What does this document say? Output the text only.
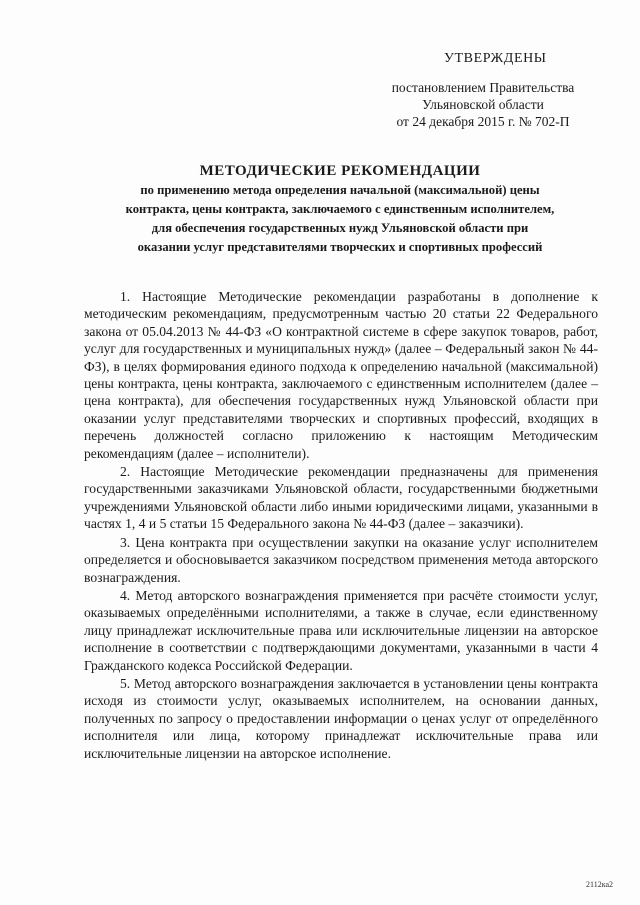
УТВЕРЖДЕНЫ
постановлением Правительства
Ульяновской области
от 24 декабря 2015 г. № 702-П
МЕТОДИЧЕСКИЕ РЕКОМЕНДАЦИИ
по применению метода определения начальной (максимальной) цены
контракта, цены контракта, заключаемого с единственным исполнителем,
для обеспечения государственных нужд Ульяновской области при
оказании услуг представителями творческих и спортивных профессий

1. Настоящие Методические рекомендации разработаны в дополнение к методическим рекомендациям, предусмотренным частью 20 статьи 22 Федерального закона от 05.04.2013 № 44-ФЗ «О контрактной системе в сфере закупок товаров, работ, услуг для государственных и муниципальных нужд» (далее – Федеральный закон № 44-ФЗ), в целях формирования единого подхода к определению начальной (максимальной) цены контракта, цены контракта, заключаемого с единственным исполнителем (далее – цена контракта), для обеспечения государственных нужд Ульяновской области при оказании услуг представителями творческих и спортивных профессий, входящих в перечень должностей согласно приложению к настоящим Методическим рекомендациям (далее – исполнители).

2. Настоящие Методические рекомендации предназначены для применения государственными заказчиками Ульяновской области, государственными бюджетными учреждениями Ульяновской области либо иными юридическими лицами, указанными в частях 1, 4 и 5 статьи 15 Федерального закона № 44-ФЗ (далее – заказчики).

3. Цена контракта при осуществлении закупки на оказание услуг исполнителем определяется и обосновывается заказчиком посредством применения метода авторского вознаграждения.

4. Метод авторского вознаграждения применяется при расчёте стоимости услуг, оказываемых определёнными исполнителями, а также в случае, если единственному лицу принадлежат исключительные права или исключительные лицензии на авторское исполнение в соответствии с подтверждающими документами, указанными в части 4 Гражданского кодекса Российской Федерации.

5. Метод авторского вознаграждения заключается в установлении цены контракта исходя из стоимости услуг, оказываемых исполнителем, на основании данных, полученных по запросу о предоставлении информации о ценах услуг от определённого исполнителя или лица, которому принадлежат исключительные права или исключительные лицензии на авторское исполнение.

2112ка2
